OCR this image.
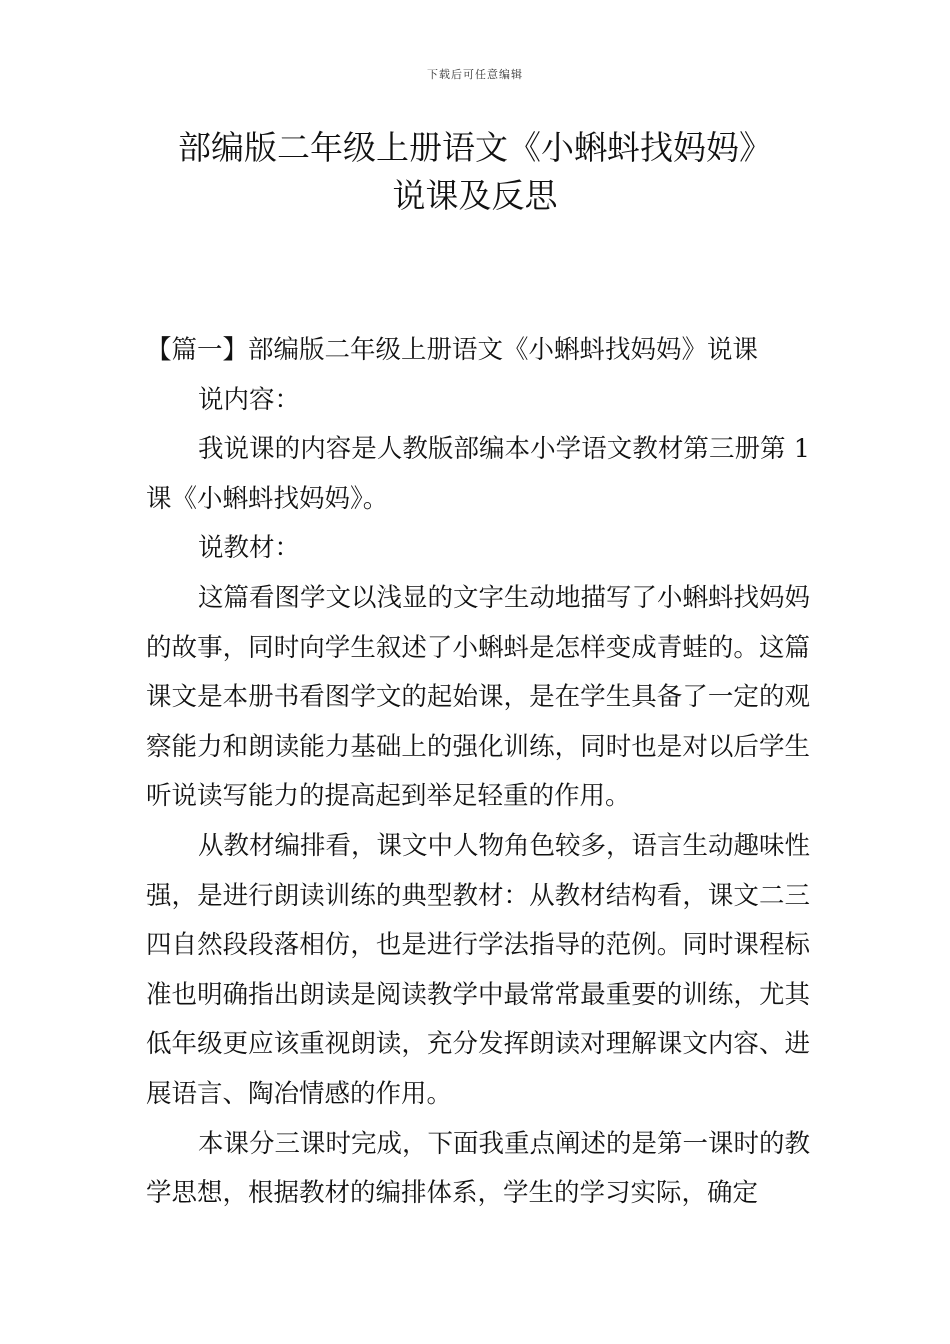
下载后可任意编辑
部编版二年级上册语文《小蝌蚪找妈妈》
说课及反思

【篇一】部编版二年级上册语文《小蝌蚪找妈妈》说课

说内容：

我说课的内容是人教版部编本小学语文教材第三册第 1 课《小蝌蚪找妈妈》。

说教材：

这篇看图学文以浅显的文字生动地描写了小蝌蚪找妈妈的故事，同时向学生叙述了小蝌蚪是怎样变成青蛙的。这篇课文是本册书看图学文的起始课，是在学生具备了一定的观察能力和朗读能力基础上的强化训练，同时也是对以后学生听说读写能力的提高起到举足轻重的作用。

从教材编排看，课文中人物角色较多，语言生动趣味性强，是进行朗读训练的典型教材：从教材结构看，课文二三四自然段段落相仿，也是进行学法指导的范例。同时课程标准也明确指出朗读是阅读教学中最常常最重要的训练，尤其低年级更应该重视朗读，充分发挥朗读对理解课文内容、进展语言、陶冶情感的作用。

本课分三课时完成，下面我重点阐述的是第一课时的教学思想，根据教材的编排体系，学生的学习实际，确定
